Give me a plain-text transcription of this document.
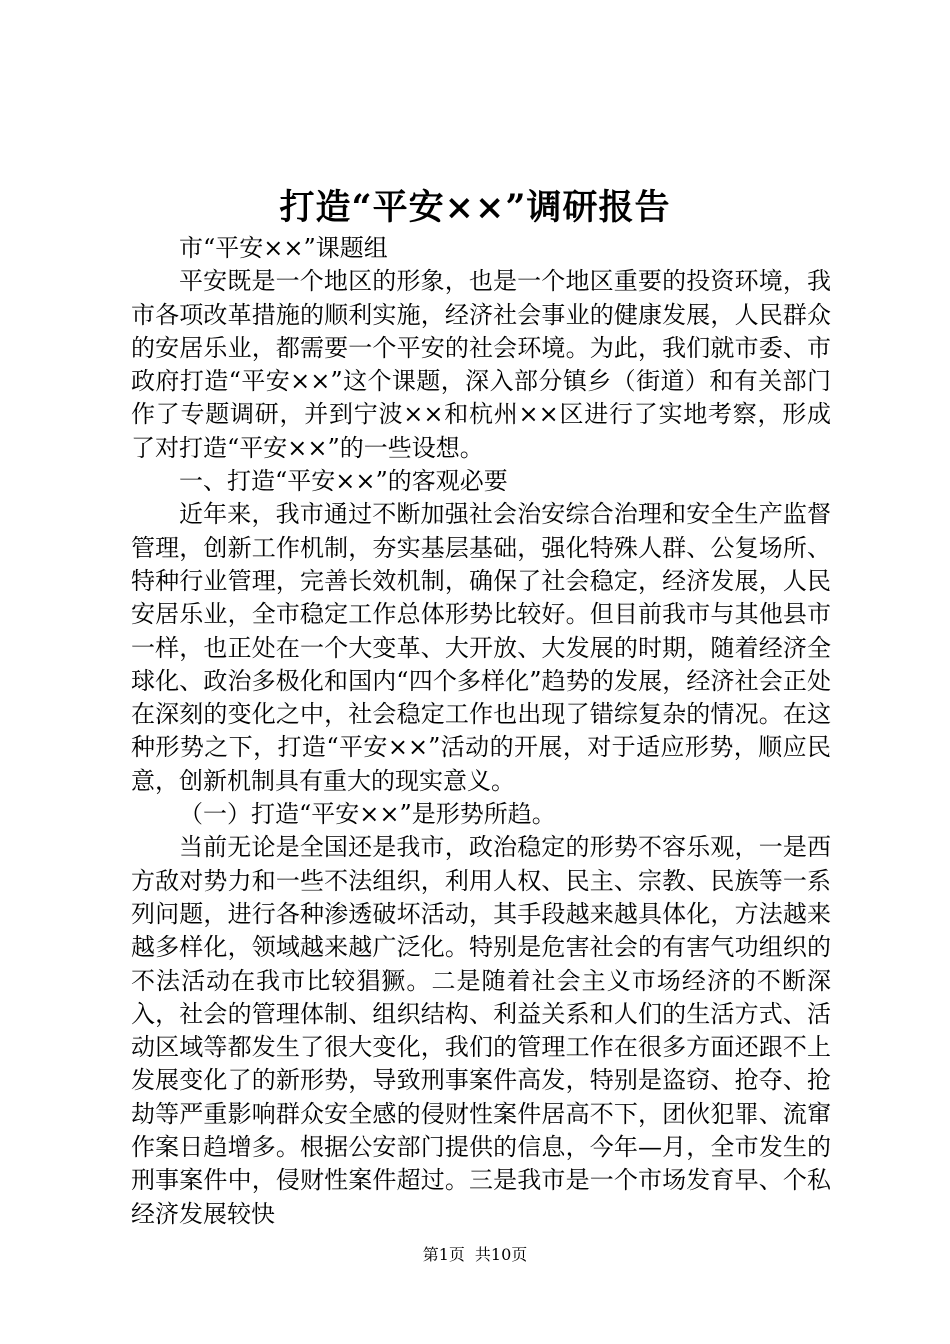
打造“平安××”调研报告

市“平安××”课题组

平安既是一个地区的形象，也是一个地区重要的投资环境，我市各项改革措施的顺利实施，经济社会事业的健康发展，人民群众的安居乐业，都需要一个平安的社会环境。为此，我们就市委、市政府打造“平安××”这个课题，深入部分镇乡（街道）和有关部门作了专题调研，并到宁波××和杭州××区进行了实地考察，形成了对打造“平安××”的一些设想。

一、打造“平安××”的客观必要

近年来，我市通过不断加强社会治安综合治理和安全生产监督管理，创新工作机制，夯实基层基础，强化特殊人群、公复场所、特种行业管理，完善长效机制，确保了社会稳定，经济发展，人民安居乐业，全市稳定工作总体形势比较好。但目前我市与其他县市一样，也正处在一个大变革、大开放、大发展的时期，随着经济全球化、政治多极化和国内“四个多样化”趋势的发展，经济社会正处在深刻的变化之中，社会稳定工作也出现了错综复杂的情况。在这种形势之下，打造“平安××”活动的开展，对于适应形势，顺应民意，创新机制具有重大的现实意义。

（一）打造“平安××”是形势所趋。

当前无论是全国还是我市，政治稳定的形势不容乐观，一是西方敌对势力和一些不法组织，利用人权、民主、宗教、民族等一系列问题，进行各种渗透破坏活动，其手段越来越具体化，方法越来越多样化，领域越来越广泛化。特别是危害社会的有害气功组织的不法活动在我市比较猖獗。二是随着社会主义市场经济的不断深入，社会的管理体制、组织结构、利益关系和人们的生活方式、活动区域等都发生了很大变化，我们的管理工作在很多方面还跟不上发展变化了的新形势，导致刑事案件高发，特别是盗窃、抢夺、抢劫等严重影响群众安全感的侵财性案件居高不下，团伙犯罪、流窜作案日趋增多。根据公安部门提供的信息，今年—月，全市发生的刑事案件中，侵财性案件超过。三是我市是一个市场发育早、个私经济发展较快

第1页 共10页
